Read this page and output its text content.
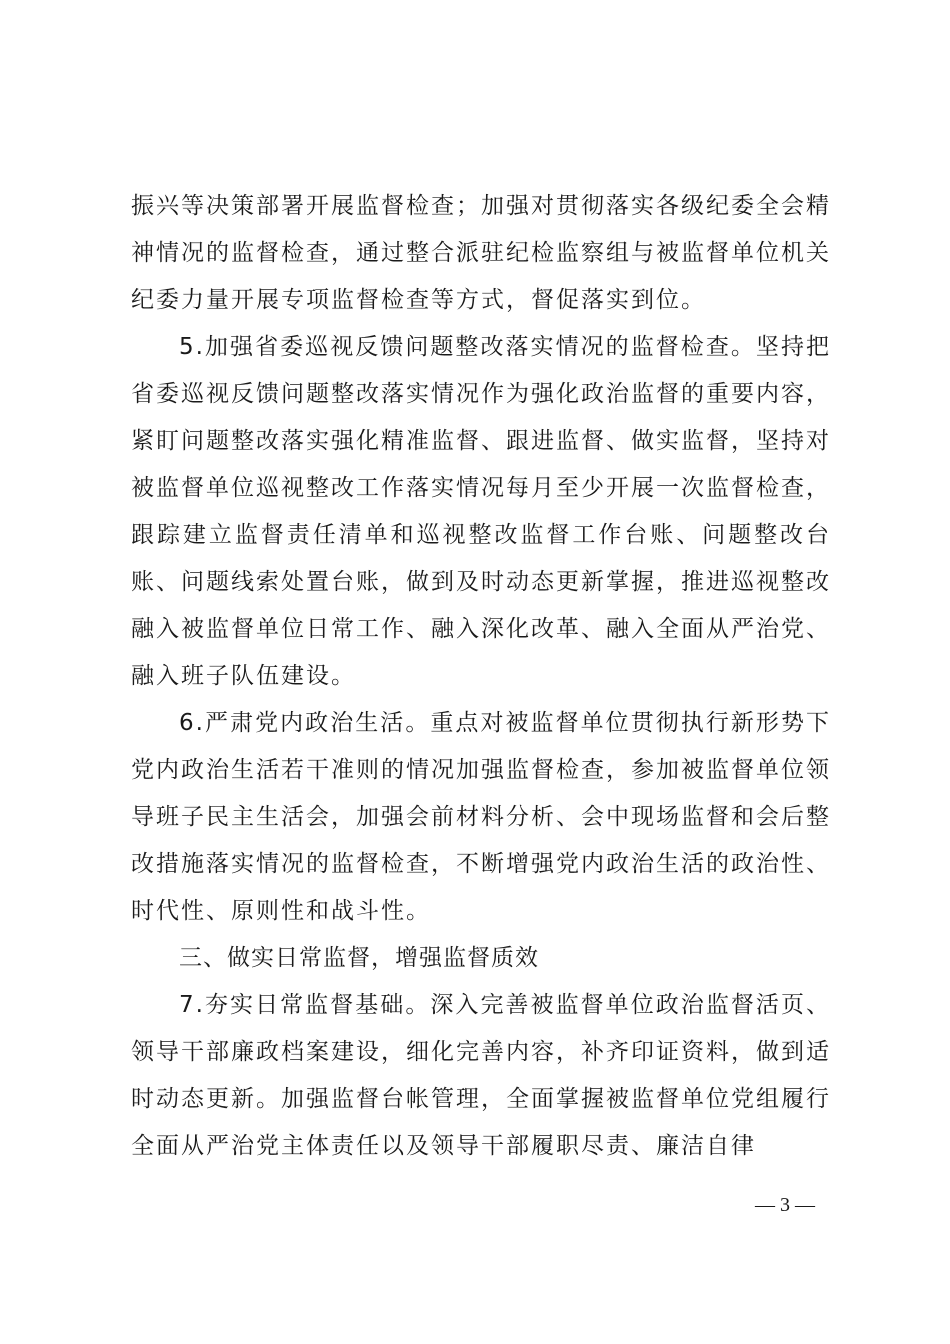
振兴等决策部署开展监督检查；加强对贯彻落实各级纪委全会精神情况的监督检查，通过整合派驻纪检监察组与被监督单位机关纪委力量开展专项监督检查等方式，督促落实到位。

5.加强省委巡视反馈问题整改落实情况的监督检查。坚持把省委巡视反馈问题整改落实情况作为强化政治监督的重要内容，紧盯问题整改落实强化精准监督、跟进监督、做实监督，坚持对被监督单位巡视整改工作落实情况每月至少开展一次监督检查，跟踪建立监督责任清单和巡视整改监督工作台账、问题整改台账、问题线索处置台账，做到及时动态更新掌握，推进巡视整改融入被监督单位日常工作、融入深化改革、融入全面从严治党、融入班子队伍建设。

6.严肃党内政治生活。重点对被监督单位贯彻执行新形势下党内政治生活若干准则的情况加强监督检查，参加被监督单位领导班子民主生活会，加强会前材料分析、会中现场监督和会后整改措施落实情况的监督检查，不断增强党内政治生活的政治性、时代性、原则性和战斗性。

三、做实日常监督，增强监督质效

7.夯实日常监督基础。深入完善被监督单位政治监督活页、领导干部廉政档案建设，细化完善内容，补齐印证资料，做到适时动态更新。加强监督台帐管理，全面掌握被监督单位党组履行全面从严治党主体责任以及领导干部履职尽责、廉洁自律

— 3 —
